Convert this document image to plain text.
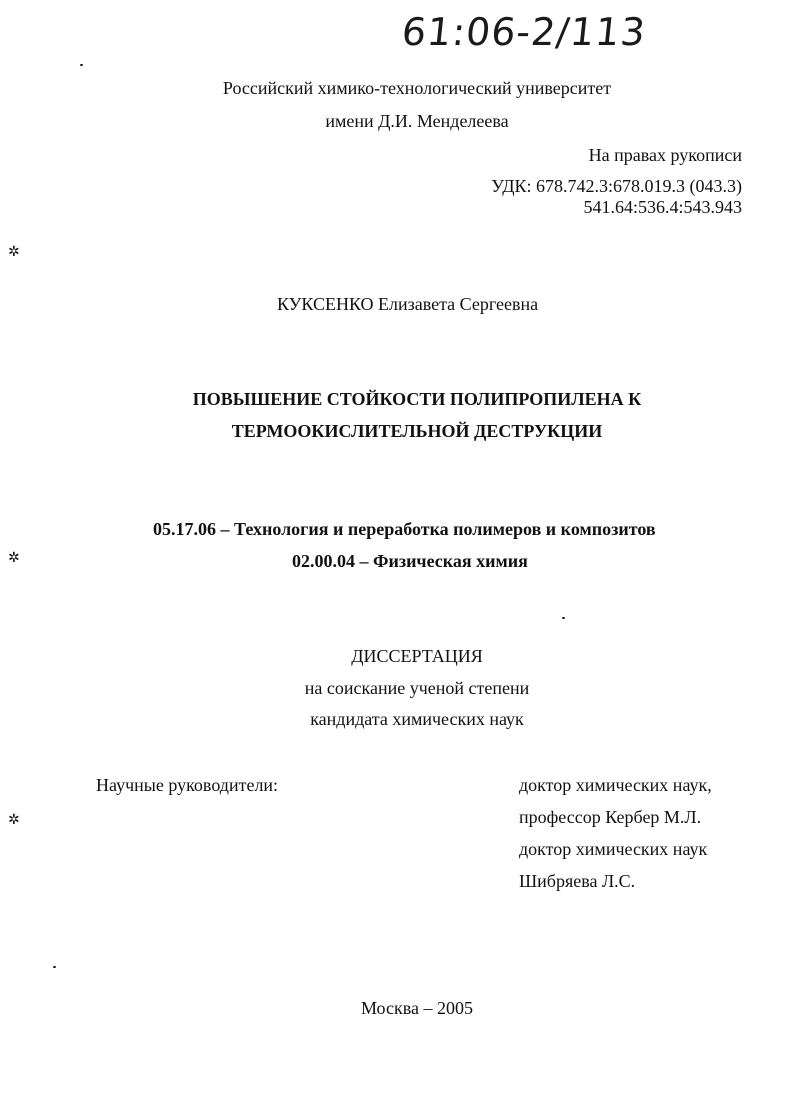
61:06-2/113
Российский химико-технологический университет
имени Д.И. Менделеева
На правах рукописи
УДК: 678.742.3:678.019.3 (043.3)
541.64:536.4:543.943
КУКСЕНКО Елизавета Сергеевна
ПОВЫШЕНИЕ СТОЙКОСТИ ПОЛИПРОПИЛЕНА К
ТЕРМООКИСЛИТЕЛЬНОЙ ДЕСТРУКЦИИ
05.17.06 – Технология и переработка полимеров и композитов
02.00.04 – Физическая химия
ДИССЕРТАЦИЯ
на соискание ученой степени
кандидата химических наук
Научные руководители:	доктор химических наук,
профессор Кербер М.Л.
доктор химических наук
Шибряева Л.С.
Москва – 2005
✲
✲
✲
